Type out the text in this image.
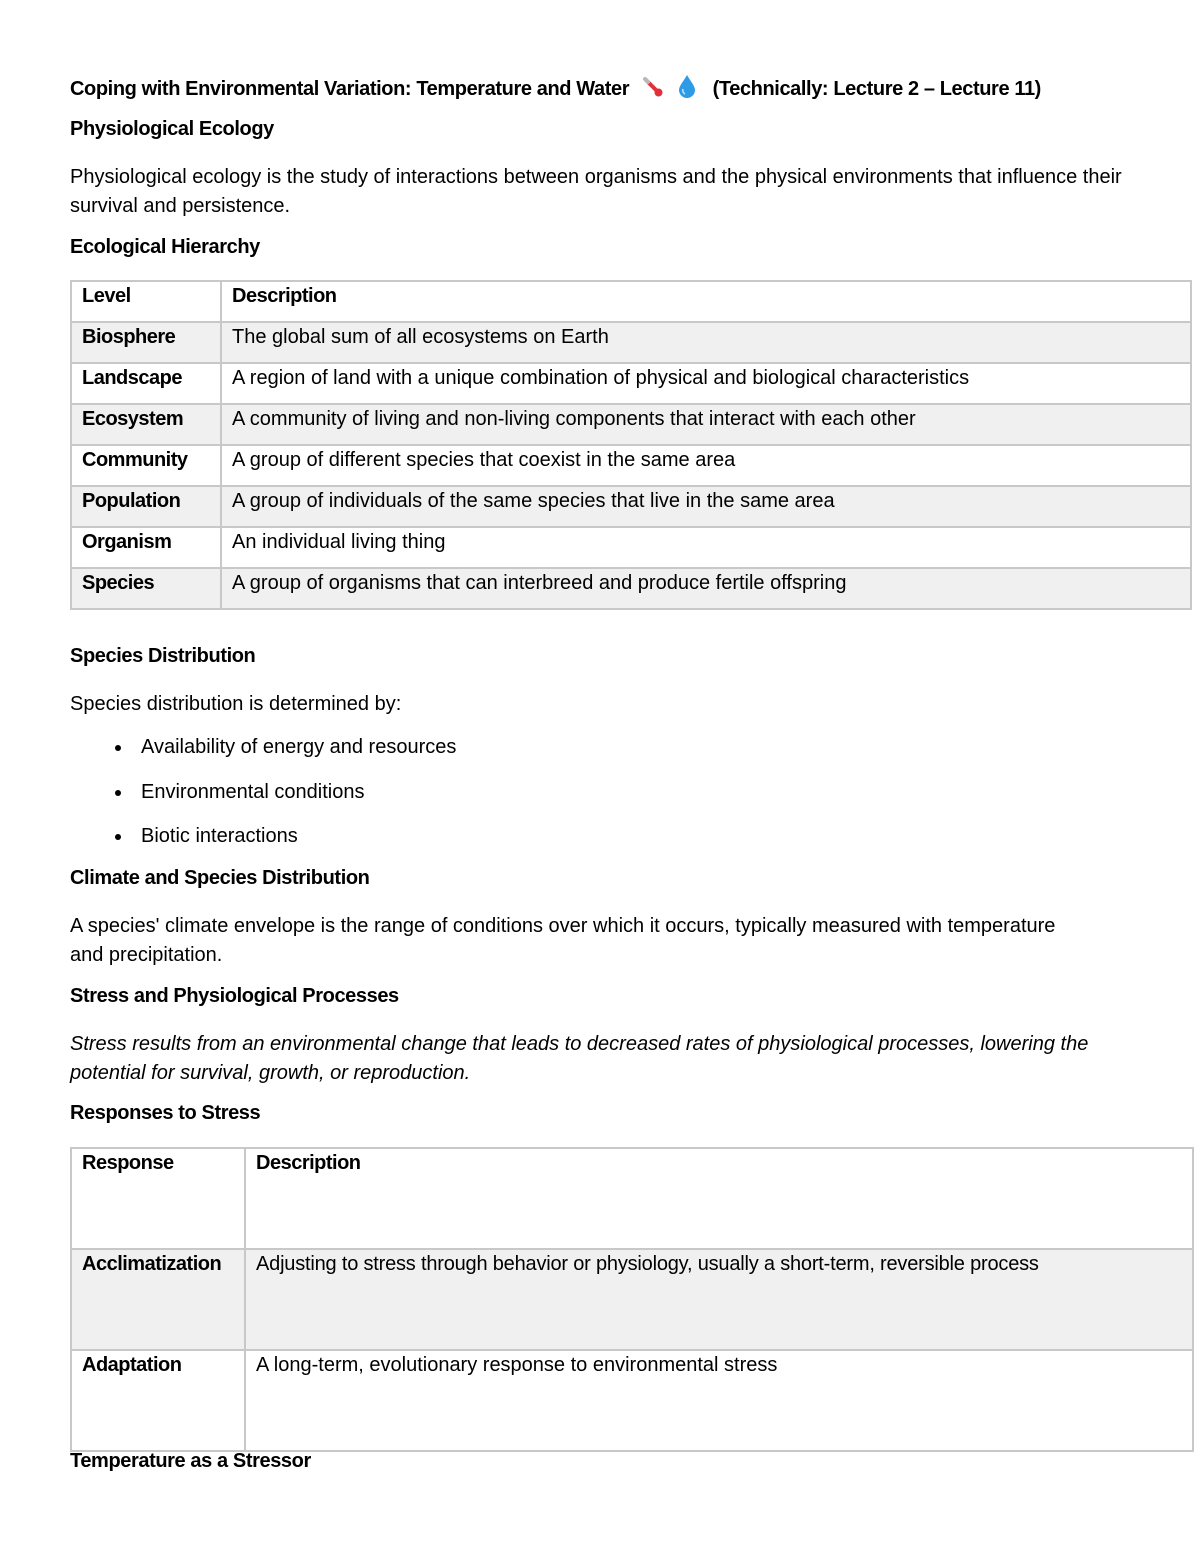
Coping with Environmental Variation: Temperature and Water	(Technically: Lecture 2 – Lecture 11)
Physiological Ecology
Physiological ecology is the study of interactions between organisms and the physical environments that influence their survival and persistence.
Ecological Hierarchy
Level	Description
Biosphere	The global sum of all ecosystems on Earth
Landscape	A region of land with a unique combination of physical and biological characteristics
Ecosystem	A community of living and non-living components that interact with each other
Community	A group of different species that coexist in the same area
Population	A group of individuals of the same species that live in the same area
Organism	An individual living thing
Species	A group of organisms that can interbreed and produce fertile offspring
Species Distribution
Species distribution is determined by:
Availability of energy and resources
Environmental conditions
Biotic interactions
Climate and Species Distribution
A species' climate envelope is the range of conditions over which it occurs, typically measured with temperature and precipitation.
Stress and Physiological Processes
Stress results from an environmental change that leads to decreased rates of physiological processes, lowering the potential for survival, growth, or reproduction.
Responses to Stress
Response	Description
Acclimatization	Adjusting to stress through behavior or physiology, usually a short-term, reversible process
Adaptation	A long-term, evolutionary response to environmental stress
Temperature as a Stressor
